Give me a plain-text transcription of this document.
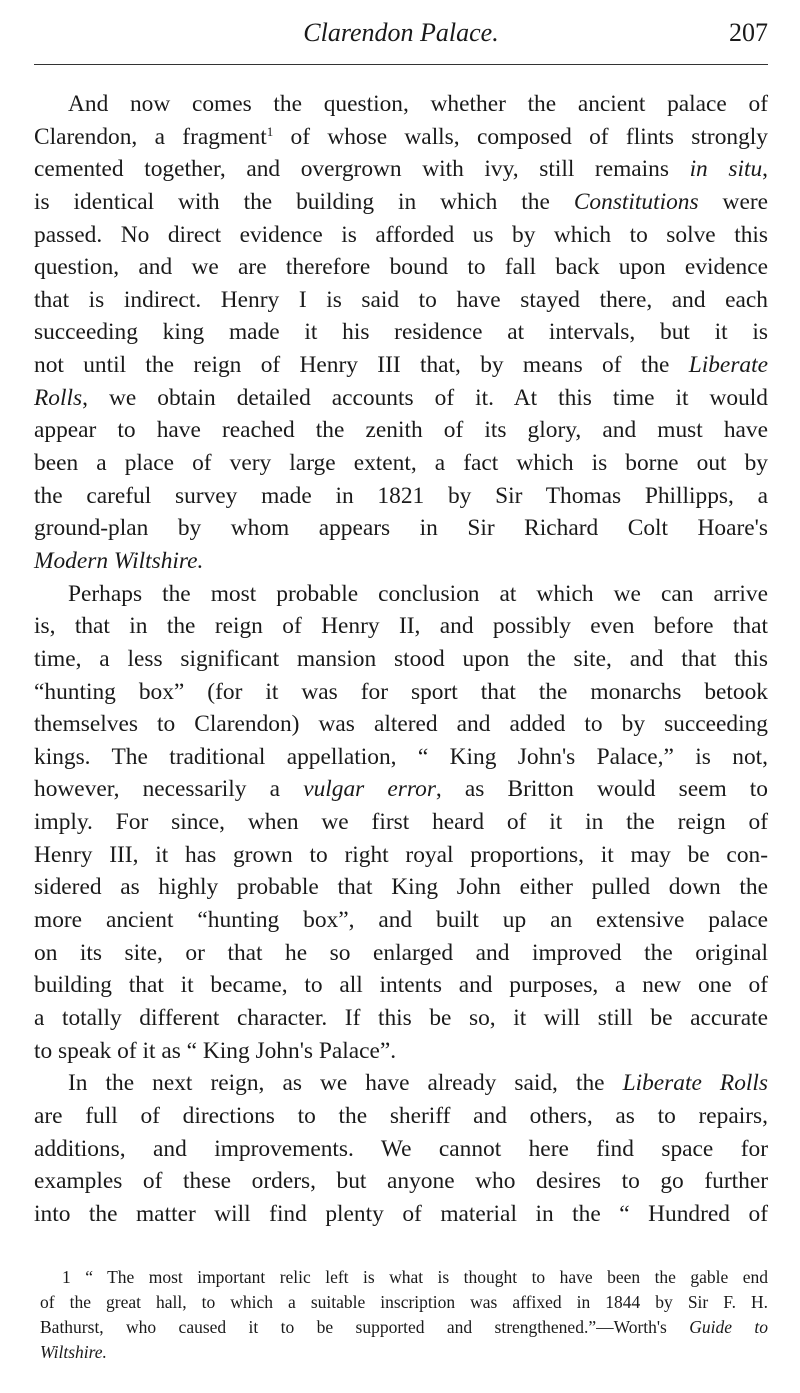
Clarendon Palace.	207
And now comes the question, whether the ancient palace of
Clarendon, a fragment$^1$ of whose walls, composed of flints strongly
cemented together, and overgrown with ivy, still remains in situ,
is identical with the building in which the Constitutions were
passed. No direct evidence is afforded us by which to solve this
question, and we are therefore bound to fall back upon evidence
that is indirect. Henry I is said to have stayed there, and each
succeeding king made it his residence at intervals, but it is
not until the reign of Henry III that, by means of the Liberate
Rolls, we obtain detailed accounts of it. At this time it would
appear to have reached the zenith of its glory, and must have
been a place of very large extent, a fact which is borne out by
the careful survey made in 1821 by Sir Thomas Phillipps, a
ground-plan by whom appears in Sir Richard Colt Hoare's
Modern Wiltshire.
Perhaps the most probable conclusion at which we can arrive
is, that in the reign of Henry II, and possibly even before that
time, a less significant mansion stood upon the site, and that this
“hunting box” (for it was for sport that the monarchs betook
themselves to Clarendon) was altered and added to by succeeding
kings. The traditional appellation, “ King John's Palace,” is not,
however, necessarily a vulgar error, as Britton would seem to
imply. For since, when we first heard of it in the reign of
Henry III, it has grown to right royal proportions, it may be con-
sidered as highly probable that King John either pulled down the
more ancient “hunting box”, and built up an extensive palace
on its site, or that he so enlarged and improved the original
building that it became, to all intents and purposes, a new one of
a totally different character. If this be so, it will still be accurate
to speak of it as “ King John's Palace”.
In the next reign, as we have already said, the Liberate Rolls
are full of directions to the sheriff and others, as to repairs,
additions, and improvements. We cannot here find space for
examples of these orders, but anyone who desires to go further
into the matter will find plenty of material in the “ Hundred of
1 “ The most important relic left is what is thought to have been the gable end
of the great hall, to which a suitable inscription was affixed in 1844 by Sir F. H.
Bathurst, who caused it to be supported and strengthened.”—Worth's Guide to
Wiltshire.
